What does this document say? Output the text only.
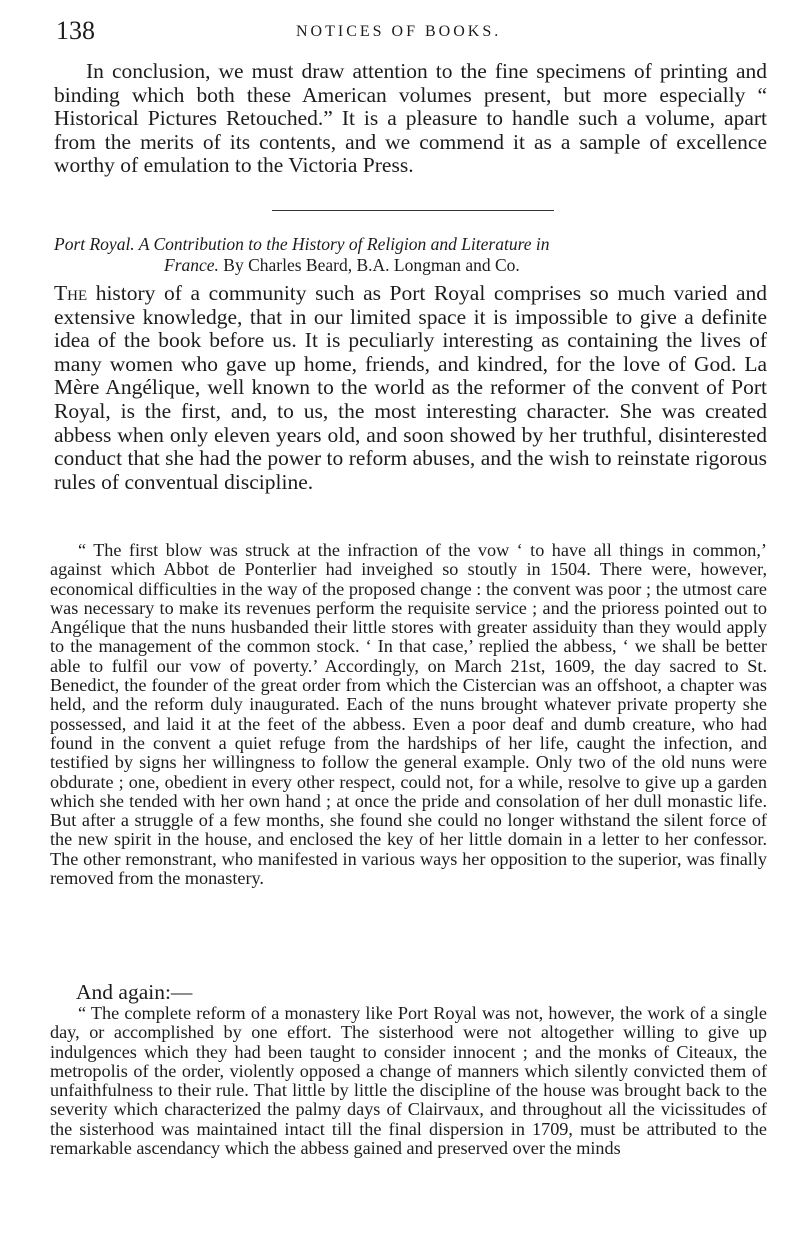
138	NOTICES OF BOOKS.

In conclusion, we must draw attention to the fine specimens of printing and binding which both these American volumes present, but more especially “ Historical Pictures Retouched.” It is a pleasure to handle such a volume, apart from the merits of its contents, and we commend it as a sample of excellence worthy of emulation to the Victoria Press.

Port Royal. A Contribution to the History of Religion and Literature in
France. By Charles Beard, B.A. Longman and Co.

The history of a community such as Port Royal comprises so much varied and extensive knowledge, that in our limited space it is impossible to give a definite idea of the book before us. It is peculiarly interesting as containing the lives of many women who gave up home, friends, and kindred, for the love of God. La Mère Angélique, well known to the world as the reformer of the convent of Port Royal, is the first, and, to us, the most interesting character. She was created abbess when only eleven years old, and soon showed by her truthful, disinterested conduct that she had the power to reform abuses, and the wish to reinstate rigorous rules of conventual discipline.

“ The first blow was struck at the infraction of the vow ‘ to have all things in common,’ against which Abbot de Ponterlier had inveighed so stoutly in 1504. There were, however, economical difficulties in the way of the proposed change : the convent was poor ; the utmost care was necessary to make its revenues perform the requisite service ; and the prioress pointed out to Angélique that the nuns husbanded their little stores with greater assiduity than they would apply to the management of the common stock. ‘ In that case,’ replied the abbess, ‘ we shall be better able to fulfil our vow of poverty.’ Accordingly, on March 21st, 1609, the day sacred to St. Benedict, the founder of the great order from which the Cistercian was an offshoot, a chapter was held, and the reform duly inaugurated. Each of the nuns brought whatever private property she possessed, and laid it at the feet of the abbess. Even a poor deaf and dumb creature, who had found in the convent a quiet refuge from the hardships of her life, caught the infection, and testified by signs her willingness to follow the general example. Only two of the old nuns were obdurate ; one, obedient in every other respect, could not, for a while, resolve to give up a garden which she tended with her own hand ; at once the pride and consolation of her dull monastic life. But after a struggle of a few months, she found she could no longer withstand the silent force of the new spirit in the house, and enclosed the key of her little domain in a letter to her confessor. The other remonstrant, who manifested in various ways her opposition to the superior, was finally removed from the monastery.

And again:—

“ The complete reform of a monastery like Port Royal was not, however, the work of a single day, or accomplished by one effort. The sisterhood were not altogether willing to give up indulgences which they had been taught to consider innocent ; and the monks of Citeaux, the metropolis of the order, violently opposed a change of manners which silently convicted them of unfaithfulness to their rule. That little by little the discipline of the house was brought back to the severity which characterized the palmy days of Clairvaux, and throughout all the vicissitudes of the sisterhood was maintained intact till the final dispersion in 1709, must be attributed to the remarkable ascendancy which the abbess gained and preserved over the minds
